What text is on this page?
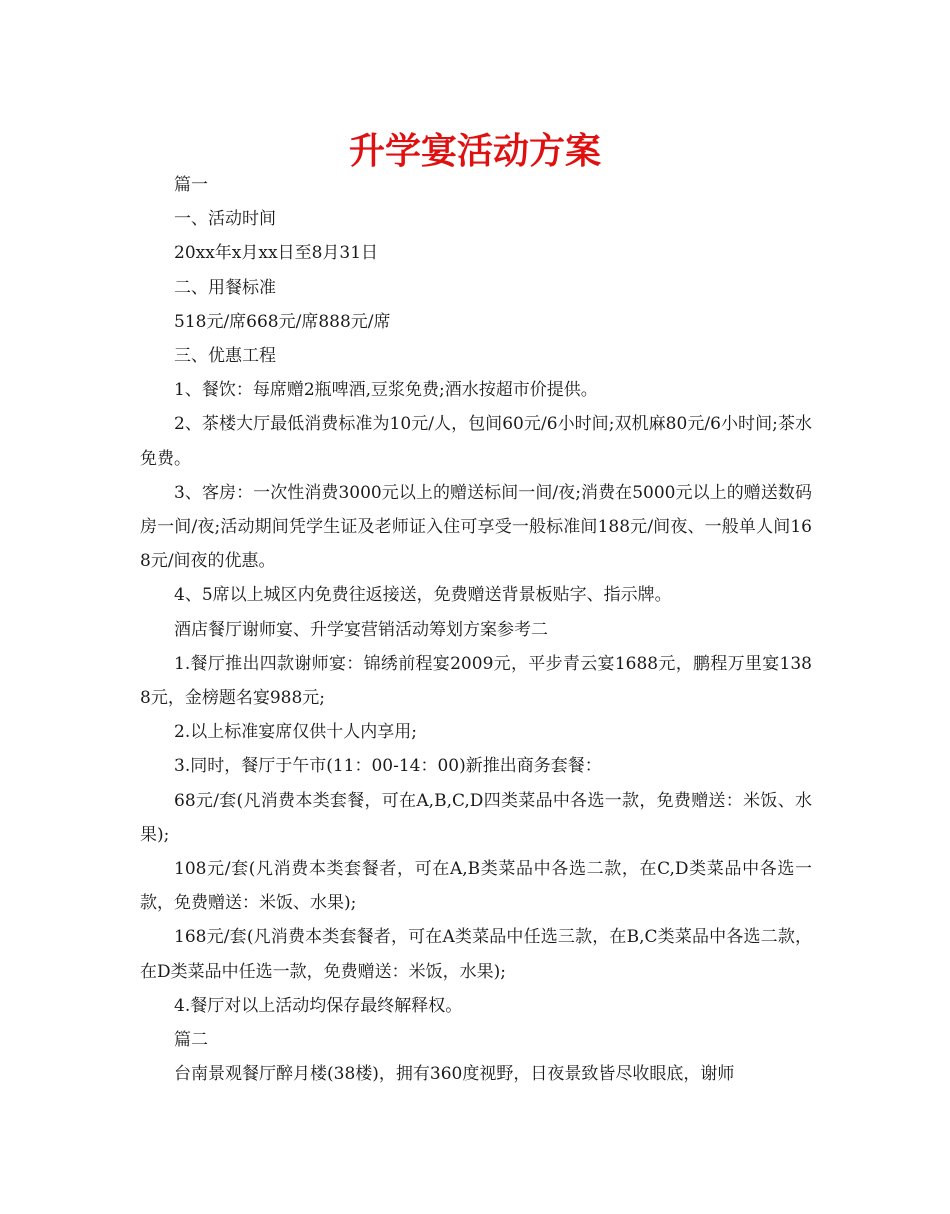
升学宴活动方案

篇一

一、活动时间

20xx年x月xx日至8月31日

二、用餐标准

518元/席668元/席888元/席

三、优惠工程

1、餐饮：每席赠2瓶啤酒,豆浆免费;酒水按超市价提供。

2、茶楼大厅最低消费标准为10元/人，包间60元/6小时间;双机麻80元/6小时间;茶水免费。

3、客房：一次性消费3000元以上的赠送标间一间/夜;消费在5000元以上的赠送数码房一间/夜;活动期间凭学生证及老师证入住可享受一般标准间188元/间夜、一般单人间168元/间夜的优惠。

4、5席以上城区内免费往返接送，免费赠送背景板贴字、指示牌。

酒店餐厅谢师宴、升学宴营销活动筹划方案参考二

1.餐厅推出四款谢师宴：锦绣前程宴2009元，平步青云宴1688元，鹏程万里宴1388元，金榜题名宴988元;

2.以上标准宴席仅供十人内享用;

3.同时，餐厅于午市(11：00-14：00)新推出商务套餐：

68元/套(凡消费本类套餐，可在A,B,C,D四类菜品中各选一款，免费赠送：米饭、水果);

108元/套(凡消费本类套餐者，可在A,B类菜品中各选二款，在C,D类菜品中各选一款，免费赠送：米饭、水果);

168元/套(凡消费本类套餐者，可在A类菜品中任选三款，在B,C类菜品中各选二款，在D类菜品中任选一款，免费赠送：米饭，水果);

4.餐厅对以上活动均保存最终解释权。

篇二

台南景观餐厅醉月楼(38楼)，拥有360度视野，日夜景致皆尽收眼底，谢师
